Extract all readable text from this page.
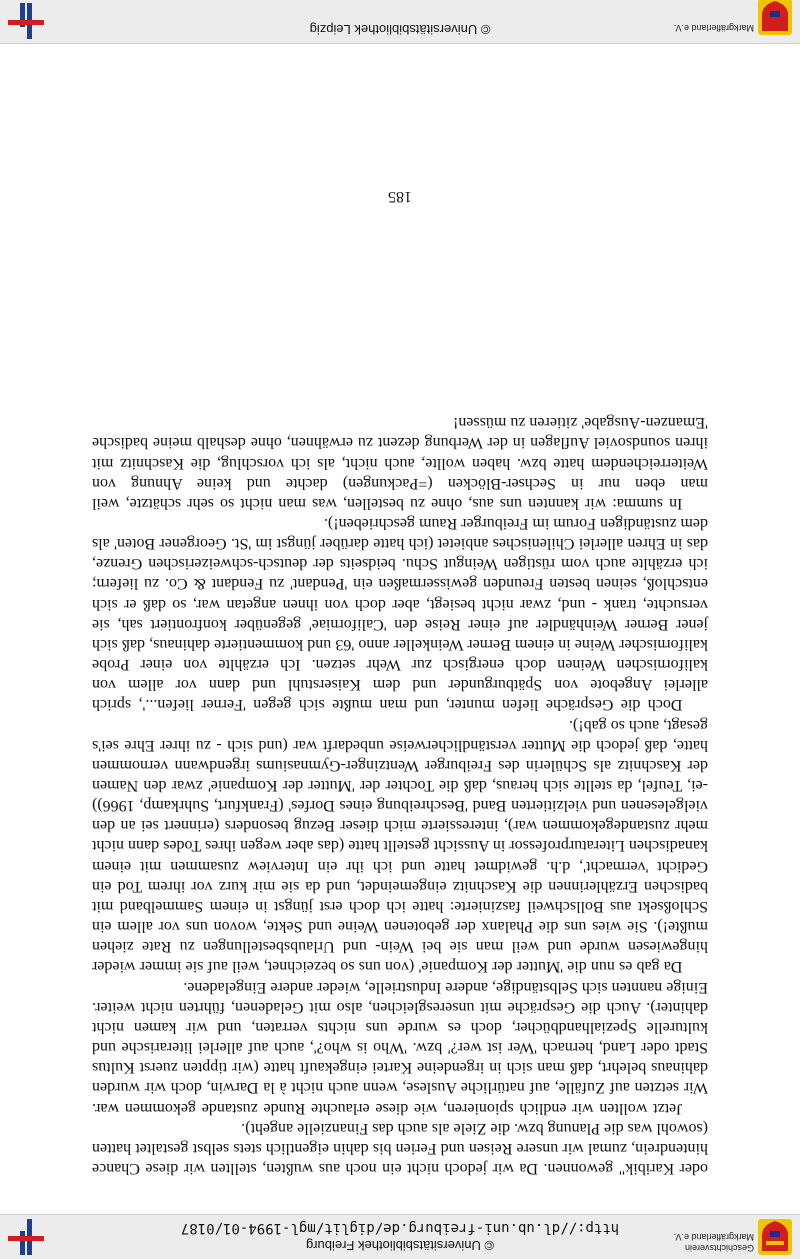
Geschichtsverein
Markgräflerland e.V.
© Universitätsbibliothek Freiburg
http://dl.ub.uni-freiburg.de/diglit/mgl-1994-01/0187

oder Karibik" gewonnen. Da wir jedoch nicht ein noch aus wußten, stellten wir diese Chance hintendrein, zumal wir unsere Reisen und Ferien bis dahin eigentlich stets selbst gestaltet hatten (sowohl was die Planung bzw. die Ziele als auch das Finanzielle angeht).

Jetzt wollten wir endlich spionieren, wie diese erlauchte Runde zustande gekommen war. Wir setzten auf Zufälle, auf natürliche Auslese, wenn auch nicht à la Darwin, doch wir wurden dahinaus belehrt, daß man sich in irgendeine Kartei eingekauft hatte (wir tippten zuerst Kultus Stadt oder Land, hernach 'Wer ist wer?' bzw. 'Who is who?', auch auf allerlei literarische und kulturelle Spezialhandbücher, doch es wurde uns nichts verraten, und wir kamen nicht dahinter). Auch die Gespräche mit unseresgleichen, also mit Geladenen, führten nicht weiter. Einige nannten sich Selbständige, andere Industrielle, wieder andere Eingeladene.

Da gab es nun die 'Mutter der Kompanie' (von uns so bezeichnet, weil auf sie immer wieder hingewiesen wurde und weil man sie bei Wein- und Urlaubsbestellungen zu Rate ziehen mußte!). Sie wies uns die Phalanx der gebotenen Weine und Sekte, wovon uns vor allem ein Schloßsekt aus Bollschweil faszinierte: hatte ich doch erst jüngst in einem Sammelband mit badischen Erzählerinnen die Kaschnitz eingemeindet, und da sie mir kurz vor ihrem Tod ein Gedicht 'vermacht', d.h. gewidmet hatte und ich ihr ein Interview zusammen mit einem kanadischen Literaturprofessor in Aussicht gestellt hatte (das aber wegen ihres Todes dann nicht mehr zustandegekommen war), interessierte mich dieser Bezug besonders (erinnert sei an den vielgelesenen und vielzitierten Band 'Beschreibung eines Dorfes' (Frankfurt, Suhrkamp, 1966)) -ei, Teufel, da stellte sich heraus, daß die Tochter der 'Mutter der Kompanie' zwar den Namen der Kaschnitz als Schülerin des Freiburger Wentzinger-Gymnasiums irgendwann vernommen hatte, daß jedoch die Mutter verständlicherweise unbedarft war (und sich - zu ihrer Ehre sei's gesagt, auch so gab!).

Doch die Gespräche liefen munter, und man mußte sich gegen 'Ferner liefen...', sprich allerlei Angebote von Spätburgunder und dem Kaiserstuhl und dann vor allem von kalifornischen Weinen doch energisch zur Wehr setzen. Ich erzählte von einer Probe kalifornischer Weine in einem Berner Weinkeller anno '63 und kommentierte dahinaus, daß sich jener Berner Weinhändler auf einer Reise den 'Californiae' gegenüber konfrontiert sah, sie versuchte, trank - und, zwar nicht besiegt, aber doch von ihnen angetan war, so daß er sich entschloß, seinen besten Freunden gewissermaßen ein 'Pendant' zu Fendant & Co. zu liefern; ich erzählte auch vom rüstigen Weingut Schu. beidseits der deutsch-schweizerischen Grenze, das in Ehren allerlei Chilenisches anbietet (ich hatte darüber jüngst im 'St. Georgener Boten' als dem zuständigen Forum im Freiburger Raum geschrieben!).

In summa: wir kannten uns aus, ohne zu bestellen, was man nicht so sehr schätzte, weil man eben nur in Sechser-Blöcken (=Packungen) dachte und keine Ahnung von Weiterreichendem hatte bzw. haben wollte, auch nicht, als ich vorschlug, die Kaschnitz mit ihren soundsoviel Auflagen in der Werbung dezent zu erwähnen, ohne deshalb meine badische 'Emanzen-Ausgabe' zitieren zu müssen!

185
Markgräflerland e.V.
© Universitätsbibliothek Leipzig
